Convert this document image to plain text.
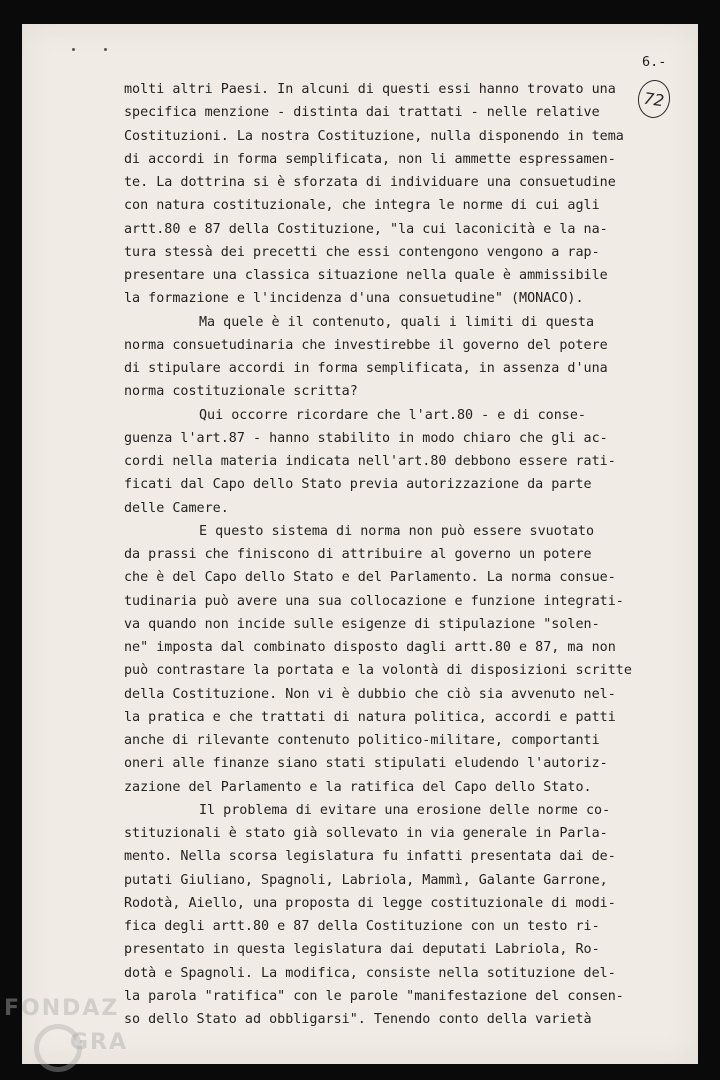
6.-
72
molti altri Paesi. In alcuni di questi essi hanno trovato una
specifica menzione - distinta dai trattati - nelle relative
Costituzioni. La nostra Costituzione, nulla disponendo in tema
di accordi in forma semplificata, non li ammette espressamen-
te. La dottrina si è sforzata di individuare una consuetudine
con natura costituzionale, che integra le norme di cui agli
artt.80 e 87 della Costituzione, "la cui laconicità e la na-
tura stessà dei precetti che essi contengono vengono a rap-
presentare una classica situazione nella quale è ammissibile
la formazione e l'incidenza d'una consuetudine" (MONACO).
Ma quele è il contenuto, quali i limiti di questa
norma consuetudinaria che investirebbe il governo del potere
di stipulare accordi in forma semplificata, in assenza d'una
norma costituzionale scritta?
Qui occorre ricordare che l'art.80 - e di conse-
guenza l'art.87 - hanno stabilito in modo chiaro che gli ac-
cordi nella materia indicata nell'art.80 debbono essere rati-
ficati dal Capo dello Stato previa autorizzazione da parte
delle Camere.
E questo sistema di norma non può essere svuotato
da prassi che finiscono di attribuire al governo un potere
che è del Capo dello Stato e del Parlamento. La norma consue-
tudinaria può avere una sua collocazione e funzione integrati-
va quando non incide sulle esigenze di stipulazione "solen-
ne" imposta dal combinato disposto dagli artt.80 e 87, ma non
può contrastare la portata e la volontà di disposizioni scritte
della Costituzione. Non vi è dubbio che ciò sia avvenuto nel-
la pratica e che trattati di natura politica, accordi e patti
anche di rilevante contenuto politico-militare, comportanti
oneri alle finanze siano stati stipulati eludendo l'autoriz-
zazione del Parlamento e la ratifica del Capo dello Stato.
Il problema di evitare una erosione delle norme co-
stituzionali è stato già sollevato in via generale in Parla-
mento. Nella scorsa legislatura fu infatti presentata dai de-
putati Giuliano, Spagnoli, Labriola, Mammì, Galante Garrone,
Rodotà, Aiello, una proposta di legge costituzionale di modi-
fica degli artt.80 e 87 della Costituzione con un testo ri-
presentato in questa legislatura dai deputati Labriola, Ro-
dotà e Spagnoli. La modifica, consiste nella sotituzione del-
la parola "ratifica" con le parole "manifestazione del consen-
so dello Stato ad obbligarsi". Tenendo conto della varietà
FONDAZ
GRA
